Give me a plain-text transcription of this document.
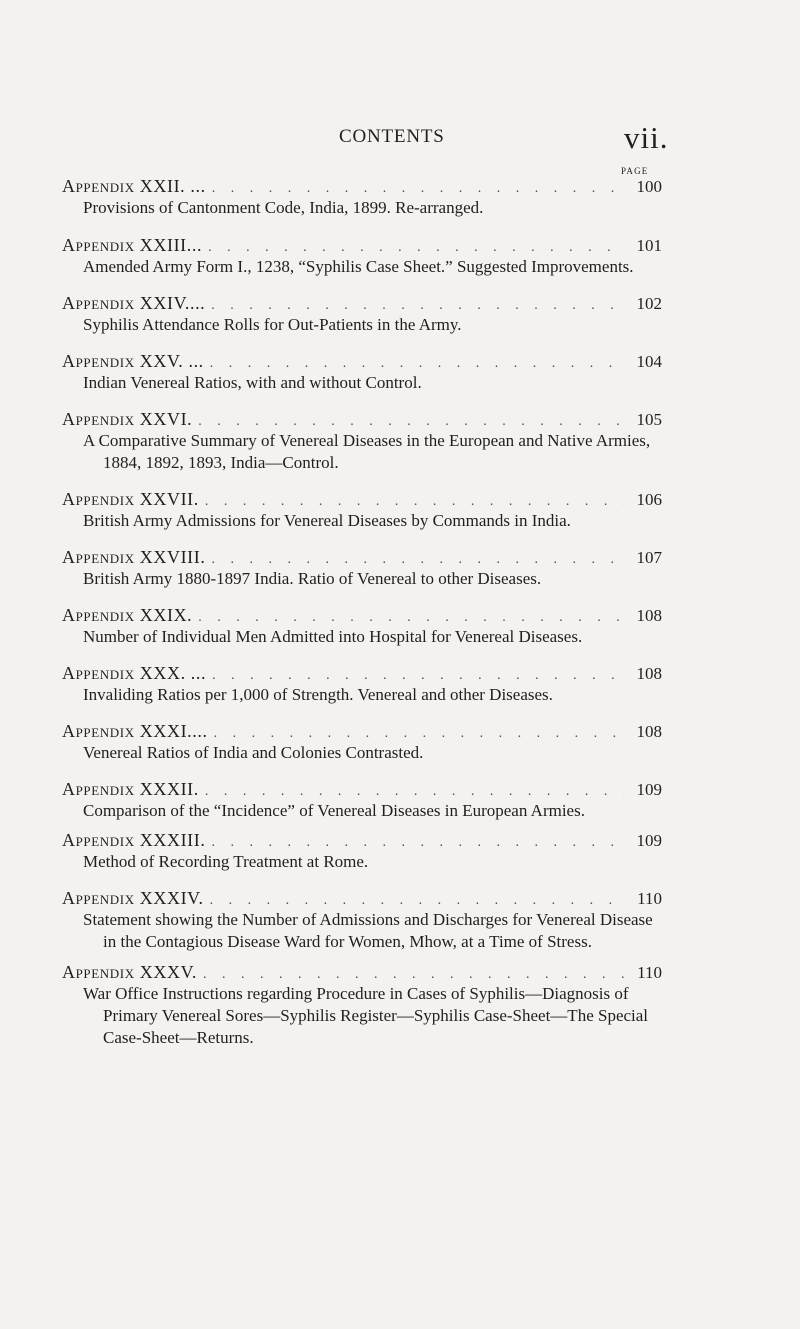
CONTENTS	vii.
PAGE
Appendix XXII. ... . . .	100

Provisions of Cantonment Code, India, 1899. Re-arranged.

Appendix XXIII... . . .	101

Amended Army Form I., 1238, “Syphilis Case Sheet.” Suggested Improvements.

Appendix XXIV.... . . .	102

Syphilis Attendance Rolls for Out-Patients in the Army.

Appendix XXV. ... . . .	104

Indian Venereal Ratios, with and without Control.

Appendix XXVI. . . .	105

A Comparative Summary of Venereal Diseases in the European and Native Armies, 1884, 1892, 1893, India—Control.

Appendix XXVII. . . .	106

British Army Admissions for Venereal Diseases by Commands in India.

Appendix XXVIII. . . .	107

British Army 1880-1897 India. Ratio of Venereal to other Diseases.

Appendix XXIX. . . .	108

Number of Individual Men Admitted into Hospital for Venereal Diseases.

Appendix XXX. ... . . .	108

Invaliding Ratios per 1,000 of Strength. Venereal and other Diseases.

Appendix XXXI.... . . .	108

Venereal Ratios of India and Colonies Contrasted.

Appendix XXXII. . . .	109

Comparison of the “Incidence” of Venereal Diseases in European Armies.

Appendix XXXIII. . . .	109

Method of Recording Treatment at Rome.

Appendix XXXIV. . . .	110

Statement showing the Number of Admissions and Discharges for Venereal Disease in the Contagious Disease Ward for Women, Mhow, at a Time of Stress.

Appendix XXXV. . . .	110

War Office Instructions regarding Procedure in Cases of Syphilis—Diagnosis of Primary Venereal Sores—Syphilis Register—Syphilis Case-Sheet—The Special Case-Sheet—Returns.
